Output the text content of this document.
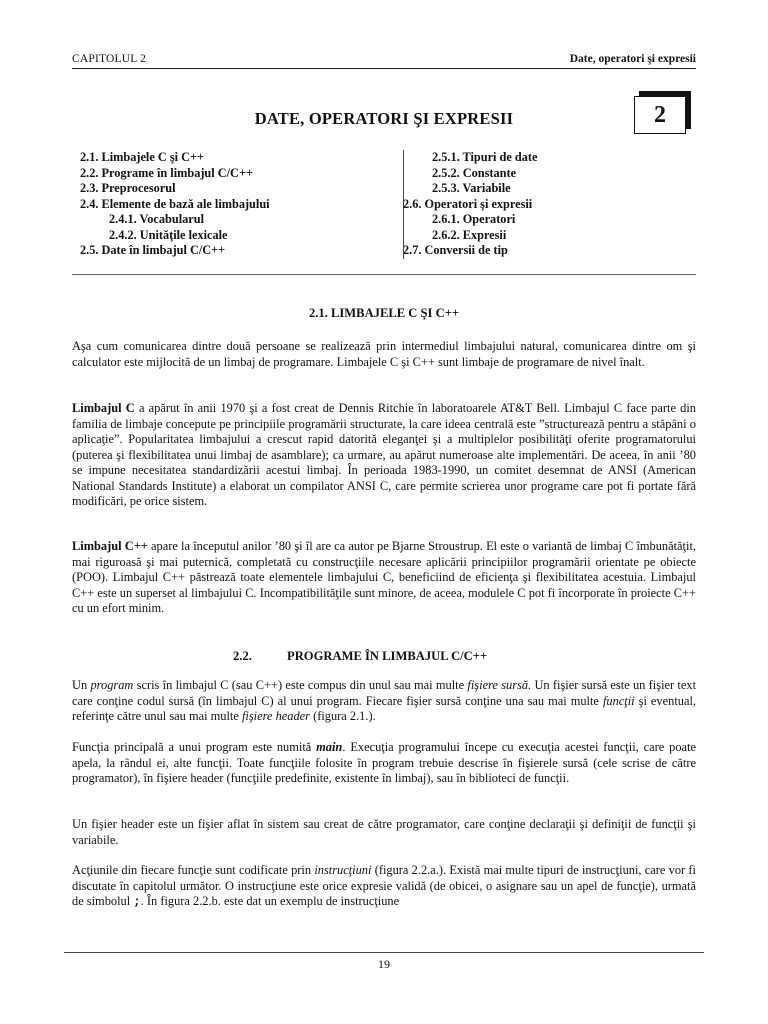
CAPITOLUL 2	Date, operatori şi expresii
DATE, OPERATORI ŞI EXPRESII	2
2.1. Limbajele C şi C++
2.2. Programe în limbajul C/C++
2.3. Preprocesorul
2.4. Elemente de bază ale limbajului
2.4.1. Vocabularul
2.4.2. Unităţile lexicale
2.5. Date în limbajul C/C++
2.5.1. Tipuri de date
2.5.2. Constante
2.5.3. Variabile
2.6. Operatori şi expresii
2.6.1. Operatori
2.6.2. Expresii
2.7. Conversii de tip
2.1. LIMBAJELE C ŞI C++

Aşa cum comunicarea dintre două persoane se realizează prin intermediul limbajului natural, comunicarea dintre om şi calculator este mijlocită de un limbaj de programare. Limbajele C şi C++ sunt limbaje de programare de nivel înalt.

Limbajul C a apărut în anii 1970 şi a fost creat de Dennis Ritchie în laboratoarele AT&T Bell. Limbajul C face parte din familia de limbaje concepute pe principiile programării structurate, la care ideea centrală este ”structurează pentru a stăpâni o aplicaţie”. Popularitatea limbajului a crescut rapid datorită eleganţei şi a multiplelor posibilităţi oferite programatorului (puterea şi flexibilitatea unui limbaj de asamblare); ca urmare, au apărut numeroase alte implementări. De aceea, în anii ’80 se impune necesitatea standardizării acestui limbaj. În perioada 1983-1990, un comitet desemnat de ANSI (American National Standards Institute) a elaborat un compilator ANSI C, care permite scrierea unor programe care pot fi portate fără modificări, pe orice sistem.

Limbajul C++ apare la începutul anilor ’80 şi îl are ca autor pe Bjarne Stroustrup. El este o variantă de limbaj C îmbunătăţit, mai riguroasă şi mai puternică, completată cu construcţiile necesare aplicării principiilor programării orientate pe obiecte (POO). Limbajul C++ păstrează toate elementele limbajului C, beneficiind de eficienţa şi flexibilitatea acestuia. Limbajul C++ este un superset al limbajului C. Incompatibilităţile sunt minore, de aceea, modulele C pot fi încorporate în proiecte C++ cu un efort minim.

2.2.	PROGRAME ÎN LIMBAJUL C/C++

Un program scris în limbajul C (sau C++) este compus din unul sau mai multe fişiere sursă. Un fişier sursă este un fişier text care conţine codul sursă (în limbajul C) al unui program. Fiecare fişier sursă conţine una sau mai multe funcţii şi eventual, referinţe către unul sau mai multe fişiere header (figura 2.1.).

Funcţia principală a unui program este numită main. Execuţia programului începe cu execuţia acestei funcţii, care poate apela, la rândul ei, alte funcţii. Toate funcţiile folosite în program trebuie descrise în fişierele sursă (cele scrise de către programator), în fişiere header (funcţiile predefinite, existente în limbaj), sau în biblioteci de funcţii.

Un fişier header este un fişier aflat în sistem sau creat de către programator, care conţine declaraţii şi definiţii de funcţii şi variabile.

Acţiunile din fiecare funcţie sunt codificate prin instrucţiuni (figura 2.2.a.). Există mai multe tipuri de instrucţiuni, care vor fi discutate în capitolul următor. O instrucţiune este orice expresie validă (de obicei, o asignare sau un apel de funcţie), urmată de simbolul ;. În figura 2.2.b. este dat un exemplu de instrucţiune

19
